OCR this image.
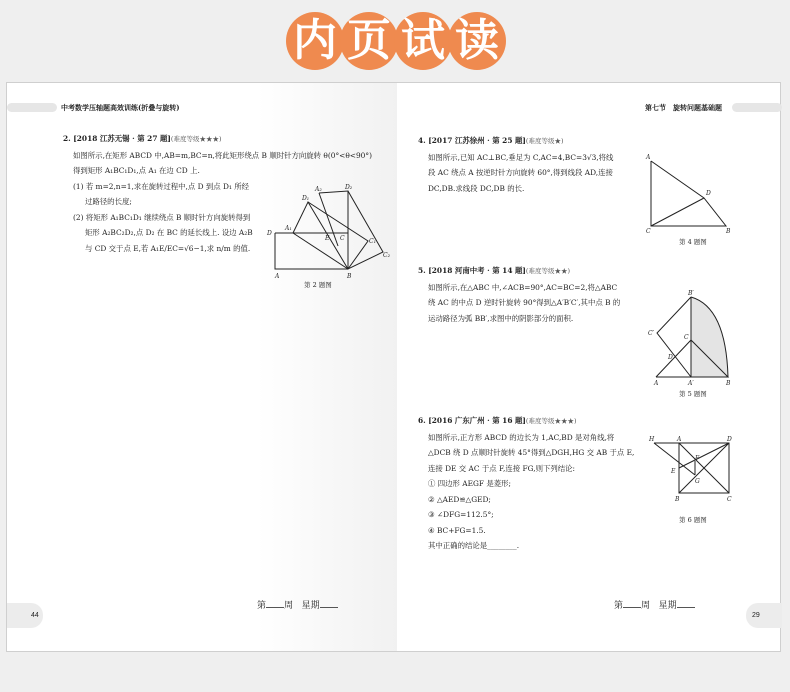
内 页 试 读
中考数学压轴题高效训练(折叠与旋转)
2. [2018 江苏无锡 · 第 27 题](难度等级★★★)
如图所示,在矩形 ABCD 中,AB=m,BC=n,将此矩形绕点 B 顺时针方向旋转 θ(0°<θ<90°)
得到矩形 A₁BC₁D₁,点 A₁ 在边 CD 上.
(1) 若 m=2,n=1,求在旋转过程中,点 D 到点 D₁ 所经
过路径的长度;
(2) 将矩形 A₁BC₁D₁ 继续绕点 B 顺时针方向旋转得到
矩形 A₂BC₂D₂,点 D₂ 在 BC 的延长线上. 设边 A₂B
与 CD 交于点 E,若 A₁E/EC=√6−1,求 n/m 的值.
D
A₁
D₁
A₂	D₂
E C	C₁
C₂
A	B
第 2 题图
44
第 周 星期
第七节　旋转问题基础题
4. [2017 江苏徐州 · 第 25 题](难度等级★)
如图所示,已知 AC⊥BC,垂足为 C,AC=4,BC=3√3,将线
段 AC 绕点 A 按逆时针方向旋转 60°,得到线段 AD,连接
DC,DB.求线段 DC,DB 的长.
A
D
C	B
第 4 题图
5. [2018 河南中考 · 第 14 题](难度等级★★)
如图所示,在△ABC 中,∠ACB=90°,AC=BC=2,将△ABC
绕 AC 的中点 D 逆时针旋转 90°得到△A′B′C′,其中点 B 的
运动路径为弧 BB′,求图中的阴影部分的面积.
B′
C′
C
D
A	A′	B
第 5 题图
6. [2016 广东广州 · 第 16 题](难度等级★★★)
如图所示,正方形 ABCD 的边长为 1,AC,BD 是对角线,将
△DCB 绕 D 点顺时针旋转 45°得到△DGH,HG 交 AB 于点 E,
连接 DE 交 AC 于点 F,连接 FG,则下列结论:
① 四边形 AEGF 是菱形;
② △AED≌△GED;
③ ∠DFG=112.5°;
④ BC+FG=1.5.
其中正确的结论是________.
H	A	D
F
E
G
B	C
第 6 题图
第 周 星期
29
